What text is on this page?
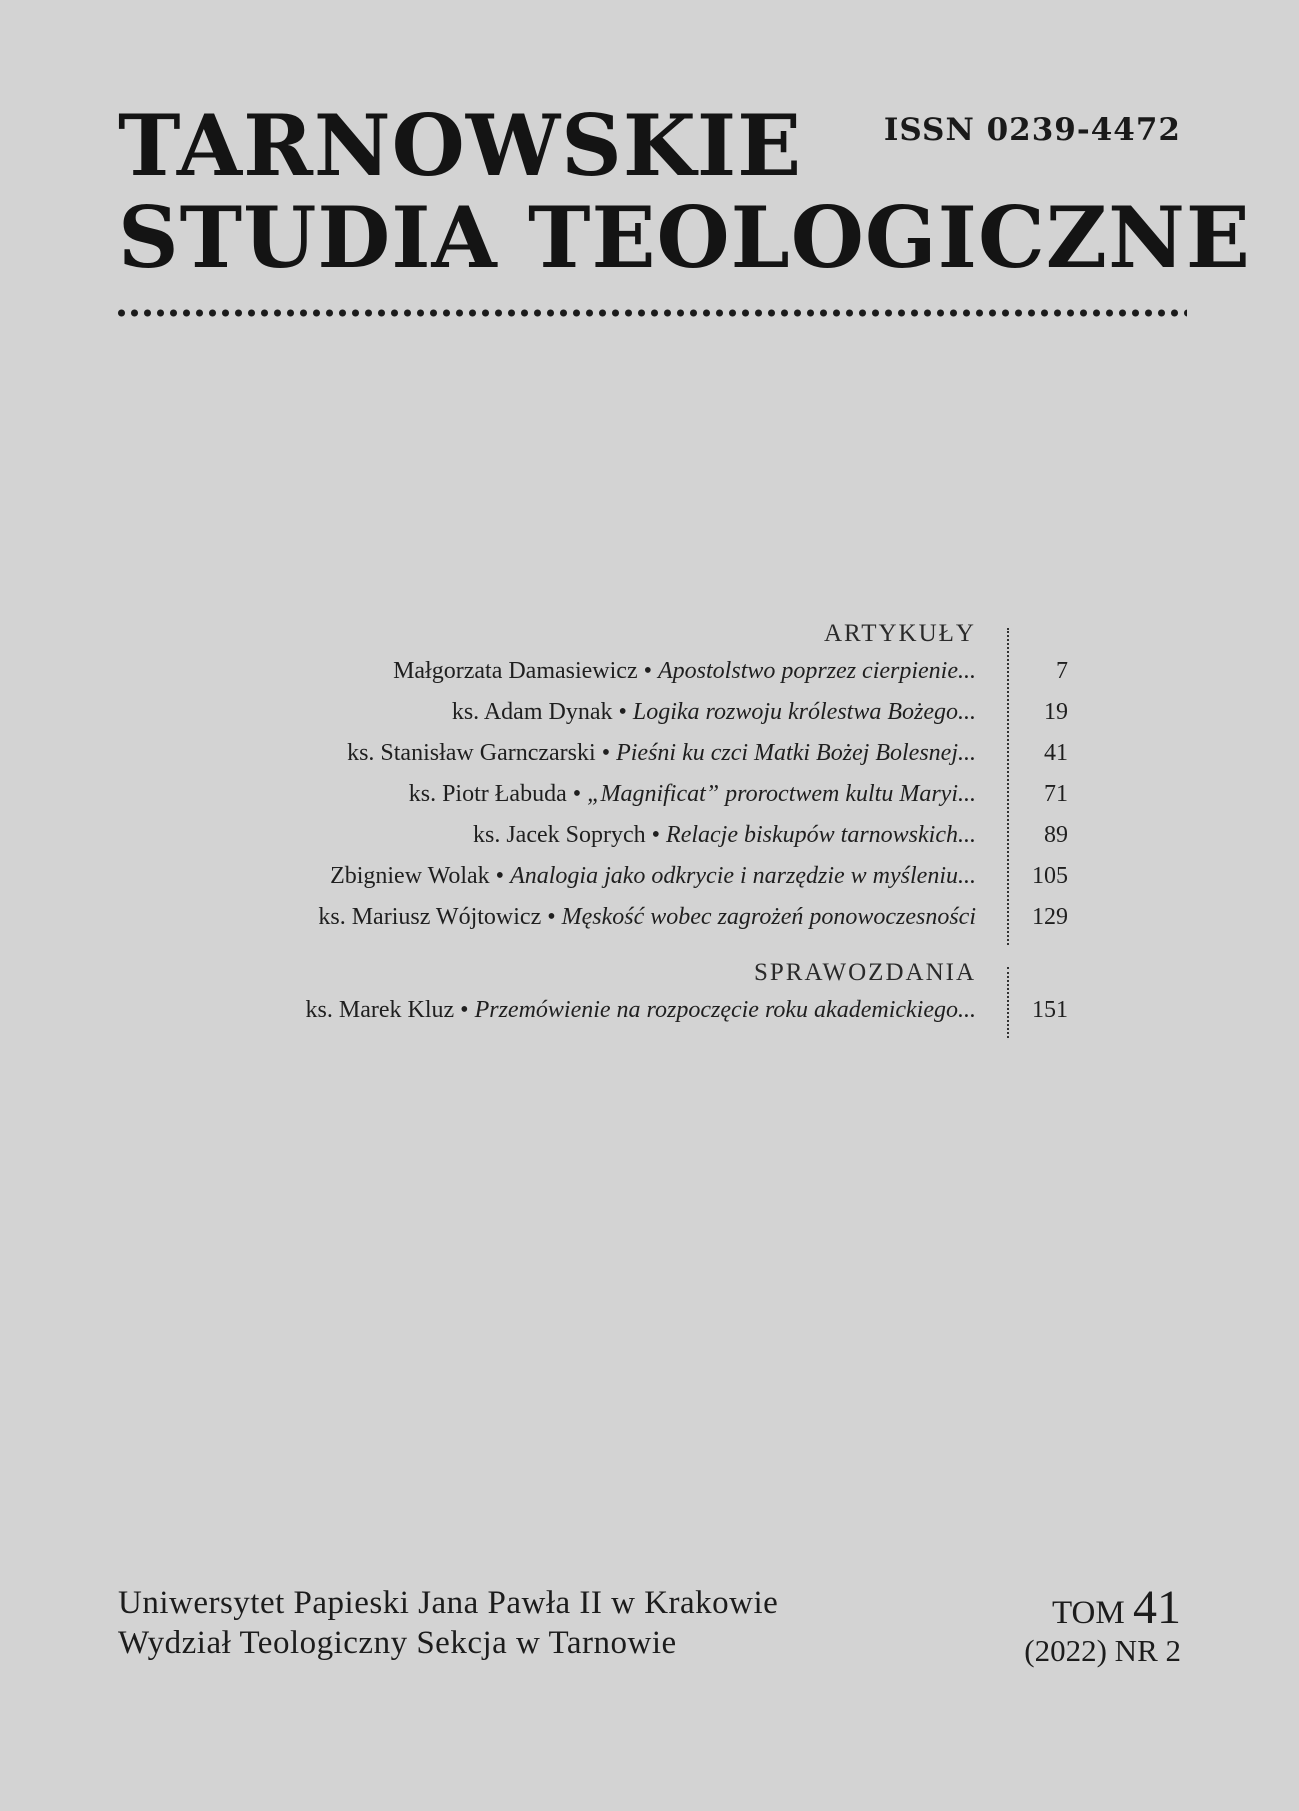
TARNOWSKIE
STUDIA TEOLOGICZNE
ISSN 0239-4472
ARTYKUŁY
Małgorzata Damasiewicz • Apostolstwo poprzez cierpienie...	7
ks. Adam Dynak • Logika rozwoju królestwa Bożego...	19
ks. Stanisław Garnczarski • Pieśni ku czci Matki Bożej Bolesnej...	41
ks. Piotr Łabuda • „Magnificat” proroctwem kultu Maryi...	71
ks. Jacek Soprych • Relacje biskupów tarnowskich...	89
Zbigniew Wolak • Analogia jako odkrycie i narzędzie w myśleniu...	105
ks. Mariusz Wójtowicz • Męskość wobec zagrożeń ponowoczesności	129
SPRAWOZDANIA
ks. Marek Kluz • Przemówienie na rozpoczęcie roku akademickiego...	151
Uniwersytet Papieski Jana Pawła II w Krakowie
Wydział Teologiczny Sekcja w Tarnowie
TOM 41
(2022) NR 2
